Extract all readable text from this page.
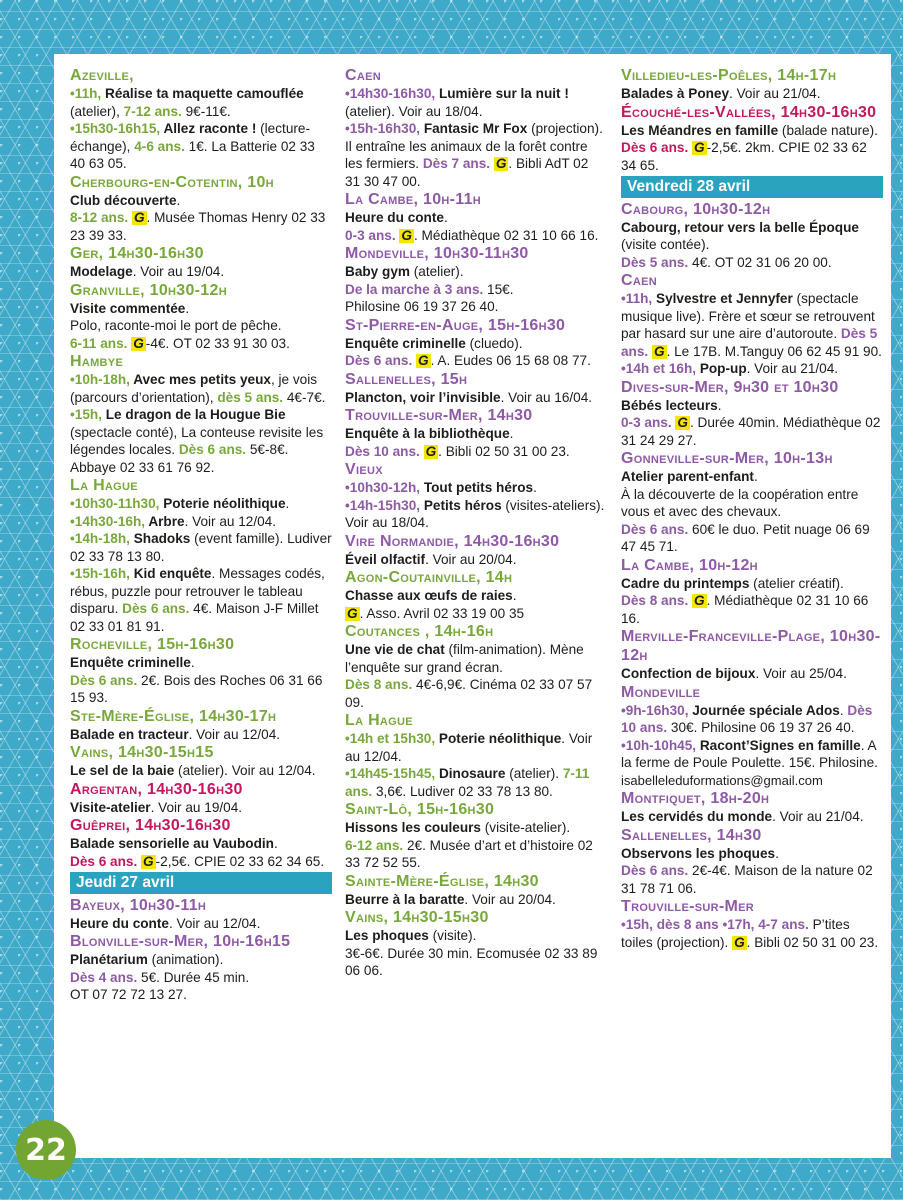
Azeville,
•11h, Réalise ta maquette camouflée (atelier), 7-12 ans. 9€-11€.
•15h30-16h15, Allez raconte ! (lecture-échange), 4-6 ans. 1€. La Batterie 02 33 40 63 05.
Cherbourg-en-Cotentin, 10h
Club découverte.
8-12 ans. G . Musée Thomas Henry 02 33 23 39 33.
Ger, 14h30-16h30
Modelage. Voir au 19/04.
Granville, 10h30-12h
Visite commentée.
Polo, raconte-moi le port de pêche.
6-11 ans. G -4€. OT 02 33 91 30 03.
Hambye
•10h-18h, Avec mes petits yeux, je vois (parcours d’orientation), dès 5 ans. 4€-7€.
•15h, Le dragon de la Hougue Bie (spectacle conté), La conteuse revisite les légendes locales. Dès 6 ans. 5€-8€. Abbaye 02 33 61 76 92.
La Hague
•10h30-11h30, Poterie néolithique.
•14h30-16h, Arbre. Voir au 12/04.
•14h-18h, Shadoks (event famille). Ludiver 02 33 78 13 80.
•15h-16h, Kid enquête. Messages codés, rébus, puzzle pour retrouver le tableau disparu. Dès 6 ans. 4€. Maison J-F Millet 02 33 01 81 91.
Rocheville, 15h-16h30
Enquête criminelle.
Dès 6 ans. 2€. Bois des Roches 06 31 66 15 93.
Ste-Mère-Église, 14h30-17h
Balade en tracteur. Voir au 12/04.
Vains, 14h30-15h15
Le sel de la baie (atelier). Voir au 12/04.
Argentan, 14h30-16h30
Visite-atelier. Voir au 19/04.
Guêprei, 14h30-16h30
Balade sensorielle au Vaubodin.
Dès 6 ans. G -2,5€. CPIE 02 33 62 34 65.
Jeudi 27 avril
Bayeux, 10h30-11h
Heure du conte. Voir au 12/04.
Blonville-sur-Mer, 10h-16h15
Planétarium (animation).
Dès 4 ans. 5€. Durée 45 min.
OT 07 72 72 13 27.
Caen
•14h30-16h30, Lumière sur la nuit ! (atelier). Voir au 18/04.
•15h-16h30, Fantasic Mr Fox (projection). Il entraîne les animaux de la forêt contre les fermiers. Dès 7 ans. G . Bibli AdT 02 31 30 47 00.
La Cambe, 10h-11h
Heure du conte.
0-3 ans. G . Médiathèque 02 31 10 66 16.
Mondeville, 10h30-11h30
Baby gym (atelier).
De la marche à 3 ans. 15€.
Philosine 06 19 37 26 40.
St-Pierre-en-Auge, 15h-16h30
Enquête criminelle (cluedo).
Dès 6 ans. G . A. Eudes 06 15 68 08 77.
Sallenelles, 15h
Plancton, voir l’invisible. Voir au 16/04.
Trouville-sur-Mer, 14h30
Enquête à la bibliothèque.
Dès 10 ans. G . Bibli 02 50 31 00 23.
Vieux
•10h30-12h, Tout petits héros.
•14h-15h30, Petits héros (visites-ateliers). Voir au 18/04.
Vire Normandie, 14h30-16h30
Éveil olfactif. Voir au 20/04.
Agon-Coutainville, 14h
Chasse aux œufs de raies.
G . Asso. Avril 02 33 19 00 35
Coutances , 14h-16h
Une vie de chat (film-animation). Mène l’enquête sur grand écran.
Dès 8 ans. 4€-6,9€. Cinéma 02 33 07 57 09.
La Hague
•14h et 15h30, Poterie néolithique. Voir au 12/04.
•14h45-15h45, Dinosaure (atelier). 7-11 ans. 3,6€. Ludiver 02 33 78 13 80.
Saint-Lô, 15h-16h30
Hissons les couleurs (visite-atelier).
6-12 ans. 2€. Musée d’art et d’histoire 02 33 72 52 55.
Sainte-Mère-Église, 14h30
Beurre à la baratte. Voir au 20/04.
Vains, 14h30-15h30
Les phoques (visite).
3€-6€. Durée 30 min. Ecomusée 02 33 89 06 06.
Villedieu-les-Poêles, 14h-17h
Balades à Poney. Voir au 21/04.
Écouché-les-Vallées, 14h30-16h30
Les Méandres en famille (balade nature).
Dès 6 ans. G -2,5€. 2km. CPIE 02 33 62 34 65.
Vendredi 28 avril
Cabourg, 10h30-12h
Cabourg, retour vers la belle Époque (visite contée).
Dès 5 ans. 4€. OT 02 31 06 20 00.
Caen
•11h, Sylvestre et Jennyfer (spectacle musique live). Frère et sœur se retrouvent par hasard sur une aire d’autoroute. Dès 5 ans. G . Le 17B. M.Tanguy 06 62 45 91 90.
•14h et 16h, Pop-up. Voir au 21/04.
Dives-sur-Mer, 9h30 et 10h30
Bébés lecteurs.
0-3 ans. G . Durée 40min. Médiathèque 02 31 24 29 27.
Gonneville-sur-Mer, 10h-13h
Atelier parent-enfant.
À la découverte de la coopération entre vous et avec des chevaux.
Dès 6 ans. 60€ le duo. Petit nuage 06 69 47 45 71.
La Cambe, 10h-12h
Cadre du printemps (atelier créatif).
Dès 8 ans. G . Médiathèque 02 31 10 66 16.
Merville-Franceville-Plage, 10h30-12h
Confection de bijoux. Voir au 25/04.
Mondeville
•9h-16h30, Journée spéciale Ados. Dès 10 ans. 30€. Philosine 06 19 37 26 40.
•10h-10h45, Racont’Signes en famille. A la ferme de Poule Poulette. 15€. Philosine.
isabelleleduformations@gmail.com
Montfiquet, 18h-20h
Les cervidés du monde. Voir au 21/04.
Sallenelles, 14h30
Observons les phoques.
Dès 6 ans. 2€-4€. Maison de la nature 02 31 78 71 06.
Trouville-sur-Mer
•15h, dès 8 ans •17h, 4-7 ans. P’tites toiles (projection). G . Bibli 02 50 31 00 23.
22
